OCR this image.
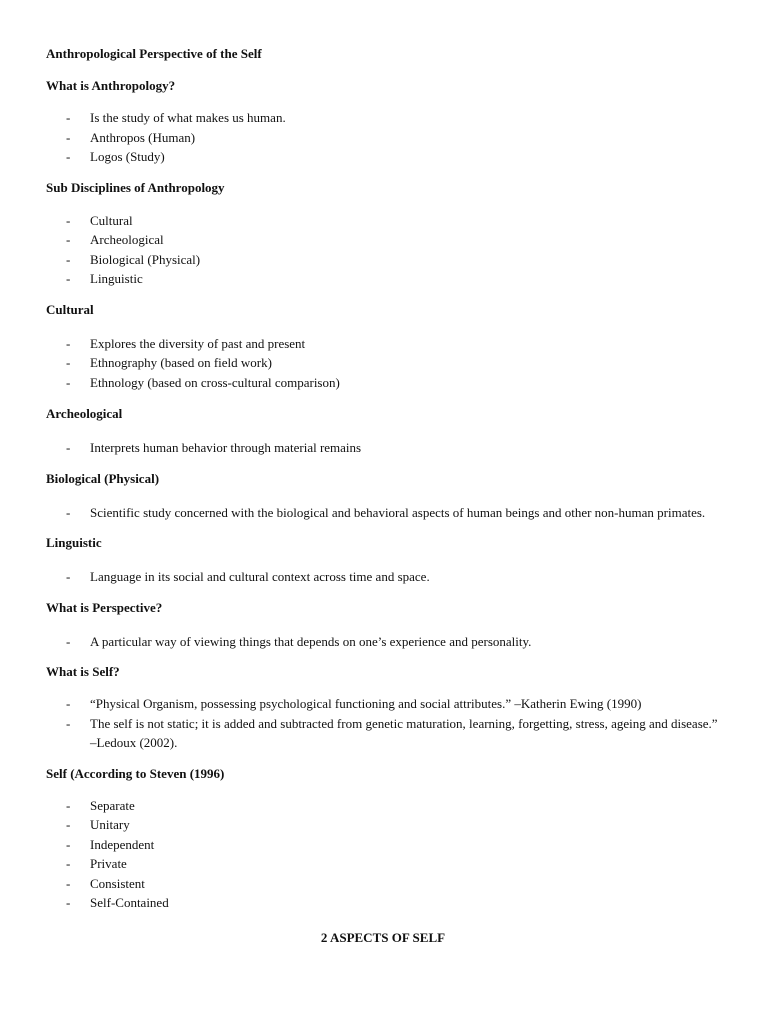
Anthropological Perspective of the Self

What is Anthropology?

- Is the study of what makes us human.
- Anthropos (Human)
- Logos (Study)

Sub Disciplines of Anthropology

- Cultural
- Archeological
- Biological (Physical)
- Linguistic

Cultural

- Explores the diversity of past and present
- Ethnography (based on field work)
- Ethnology (based on cross-cultural comparison)

Archeological

- Interprets human behavior through material remains

Biological (Physical)

- Scientific study concerned with the biological and behavioral aspects of human beings and other non-human primates.

Linguistic

- Language in its social and cultural context across time and space.

What is Perspective?

- A particular way of viewing things that depends on one’s experience and personality.

What is Self?

- “Physical Organism, possessing psychological functioning and social attributes.” –Katherin Ewing (1990)
- The self is not static; it is added and subtracted from genetic maturation, learning, forgetting, stress, ageing and disease.” –Ledoux (2002).

Self (According to Steven (1996)

- Separate
- Unitary
- Independent
- Private
- Consistent
- Self-Contained

2 ASPECTS OF SELF
